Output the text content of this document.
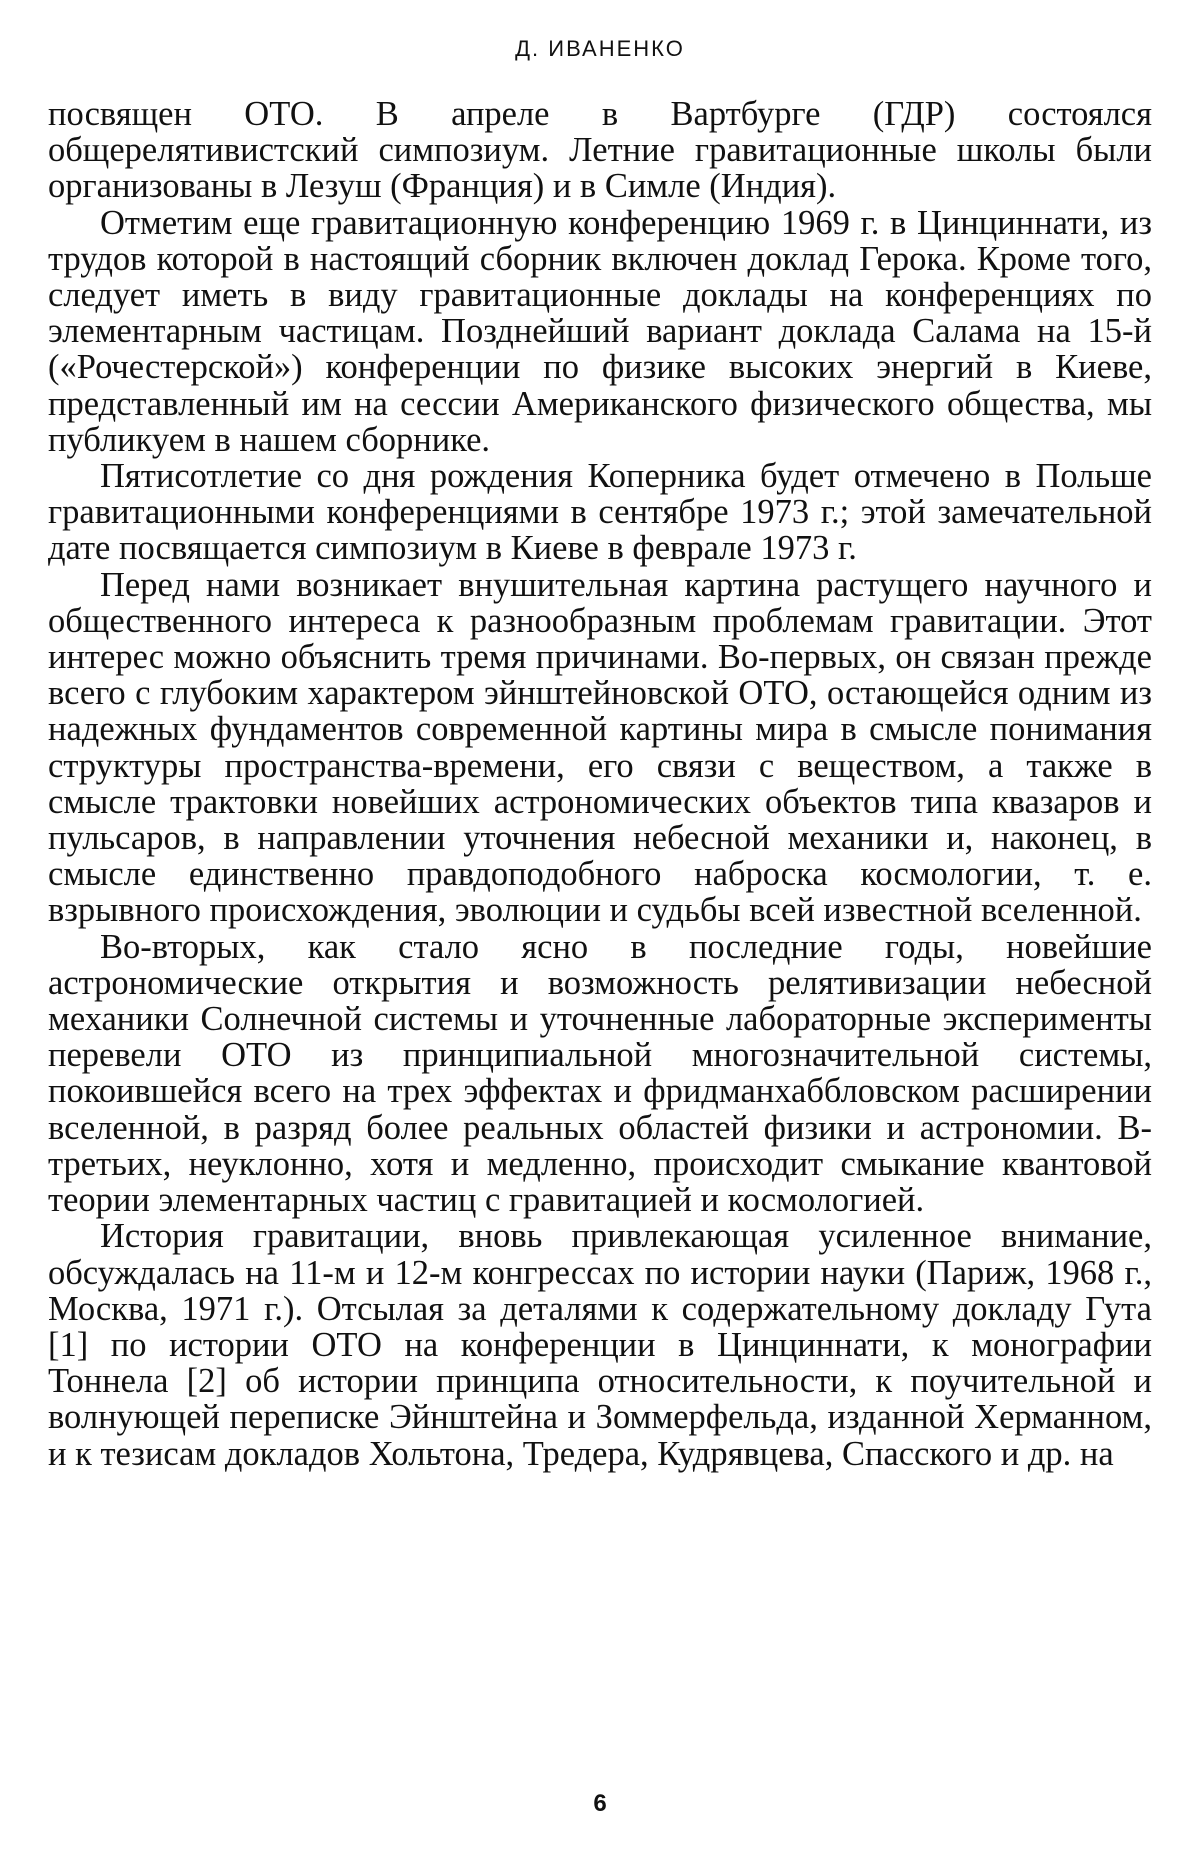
Д. ИВАНЕНКО

посвящен ОТО. В апреле в Вартбурге (ГДР) состоялся общерелятивистский симпозиум. Летние гравитационные школы были организованы в Лезуш (Франция) и в Симле (Индия).

Отметим еще гравитационную конференцию 1969 г. в Цинциннати, из трудов которой в настоящий сборник включен доклад Герока. Кроме того, следует иметь в виду гравитационные доклады на конференциях по элементарным частицам. Позднейший вариант доклада Салама на 15-й («Рочестерской») конференции по физике высоких энергий в Киеве, представленный им на сессии Американского физического общества, мы публикуем в нашем сборнике.

Пятисотлетие со дня рождения Коперника будет отмечено в Польше гравитационными конференциями в сентябре 1973 г.; этой замечательной дате посвящается симпозиум в Киеве в феврале 1973 г.

Перед нами возникает внушительная картина растущего научного и общественного интереса к разнообразным проблемам гравитации. Этот интерес можно объяснить тремя причинами. Во-первых, он связан прежде всего с глубоким характером эйнштейновской ОТО, остающейся одним из надежных фундаментов современной картины мира в смысле понимания структуры пространства-времени, его связи с веществом, а также в смысле трактовки новейших астрономических объектов типа квазаров и пульсаров, в направлении уточнения небесной механики и, наконец, в смысле единственно правдоподобного наброска космологии, т. е. взрывного происхождения, эволюции и судьбы всей известной вселенной.

Во-вторых, как стало ясно в последние годы, новейшие астрономические открытия и возможность релятивизации небесной механики Солнечной системы и уточненные лабораторные эксперименты перевели ОТО из принципиальной многозначительной системы, покоившейся всего на трех эффектах и фридманхаббловском расширении вселенной, в разряд более реальных областей физики и астрономии. В-третьих, неуклонно, хотя и медленно, происходит смыкание квантовой теории элементарных частиц с гравитацией и космологией.

История гравитации, вновь привлекающая усиленное внимание, обсуждалась на 11-м и 12-м конгрессах по истории науки (Париж, 1968 г., Москва, 1971 г.). Отсылая за деталями к содержательному докладу Гута [1] по истории ОТО на конференции в Цинциннати, к монографии Тоннела [2] об истории принципа относительности, к поучительной и волнующей переписке Эйнштейна и Зоммерфельда, изданной Херманном, и к тезисам докладов Хольтона, Тредера, Кудрявцева, Спасского и др. на

6
